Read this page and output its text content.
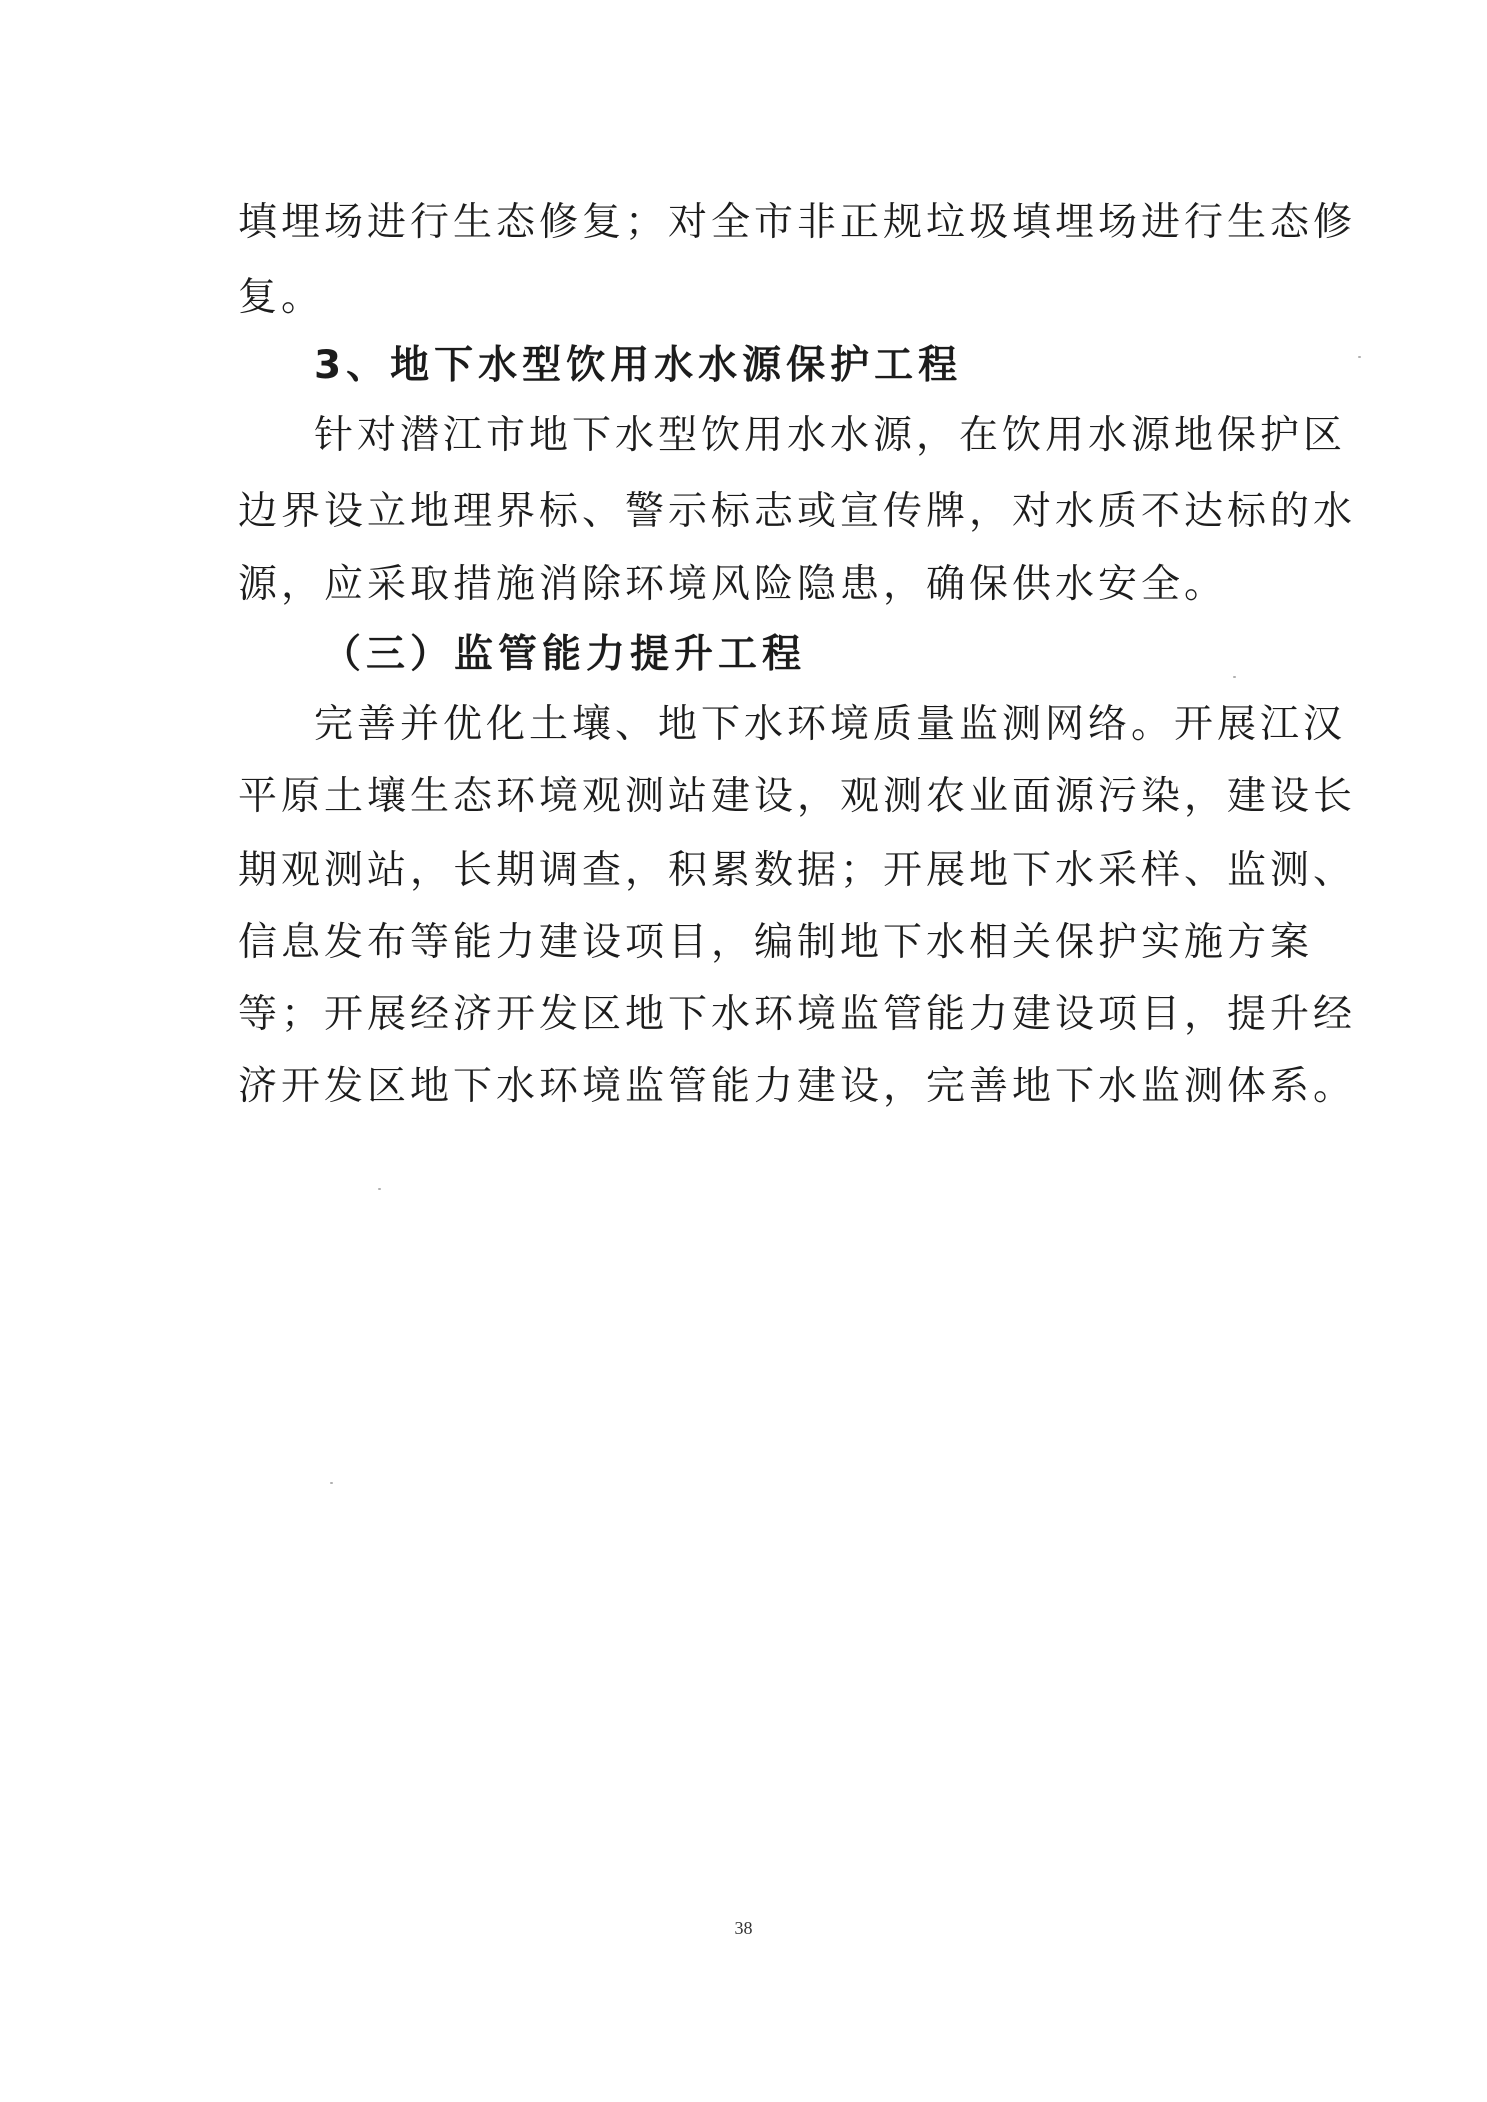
填埋场进行生态修复；对全市非正规垃圾填埋场进行生态修
复。
3、地下水型饮用水水源保护工程
针对潜江市地下水型饮用水水源，在饮用水源地保护区
边界设立地理界标、警示标志或宣传牌，对水质不达标的水
源，应采取措施消除环境风险隐患，确保供水安全。
（三）监管能力提升工程
完善并优化土壤、地下水环境质量监测网络。开展江汉
平原土壤生态环境观测站建设，观测农业面源污染，建设长
期观测站，长期调查，积累数据；开展地下水采样、监测、
信息发布等能力建设项目，编制地下水相关保护实施方案
等；开展经济开发区地下水环境监管能力建设项目，提升经
济开发区地下水环境监管能力建设，完善地下水监测体系。
38
